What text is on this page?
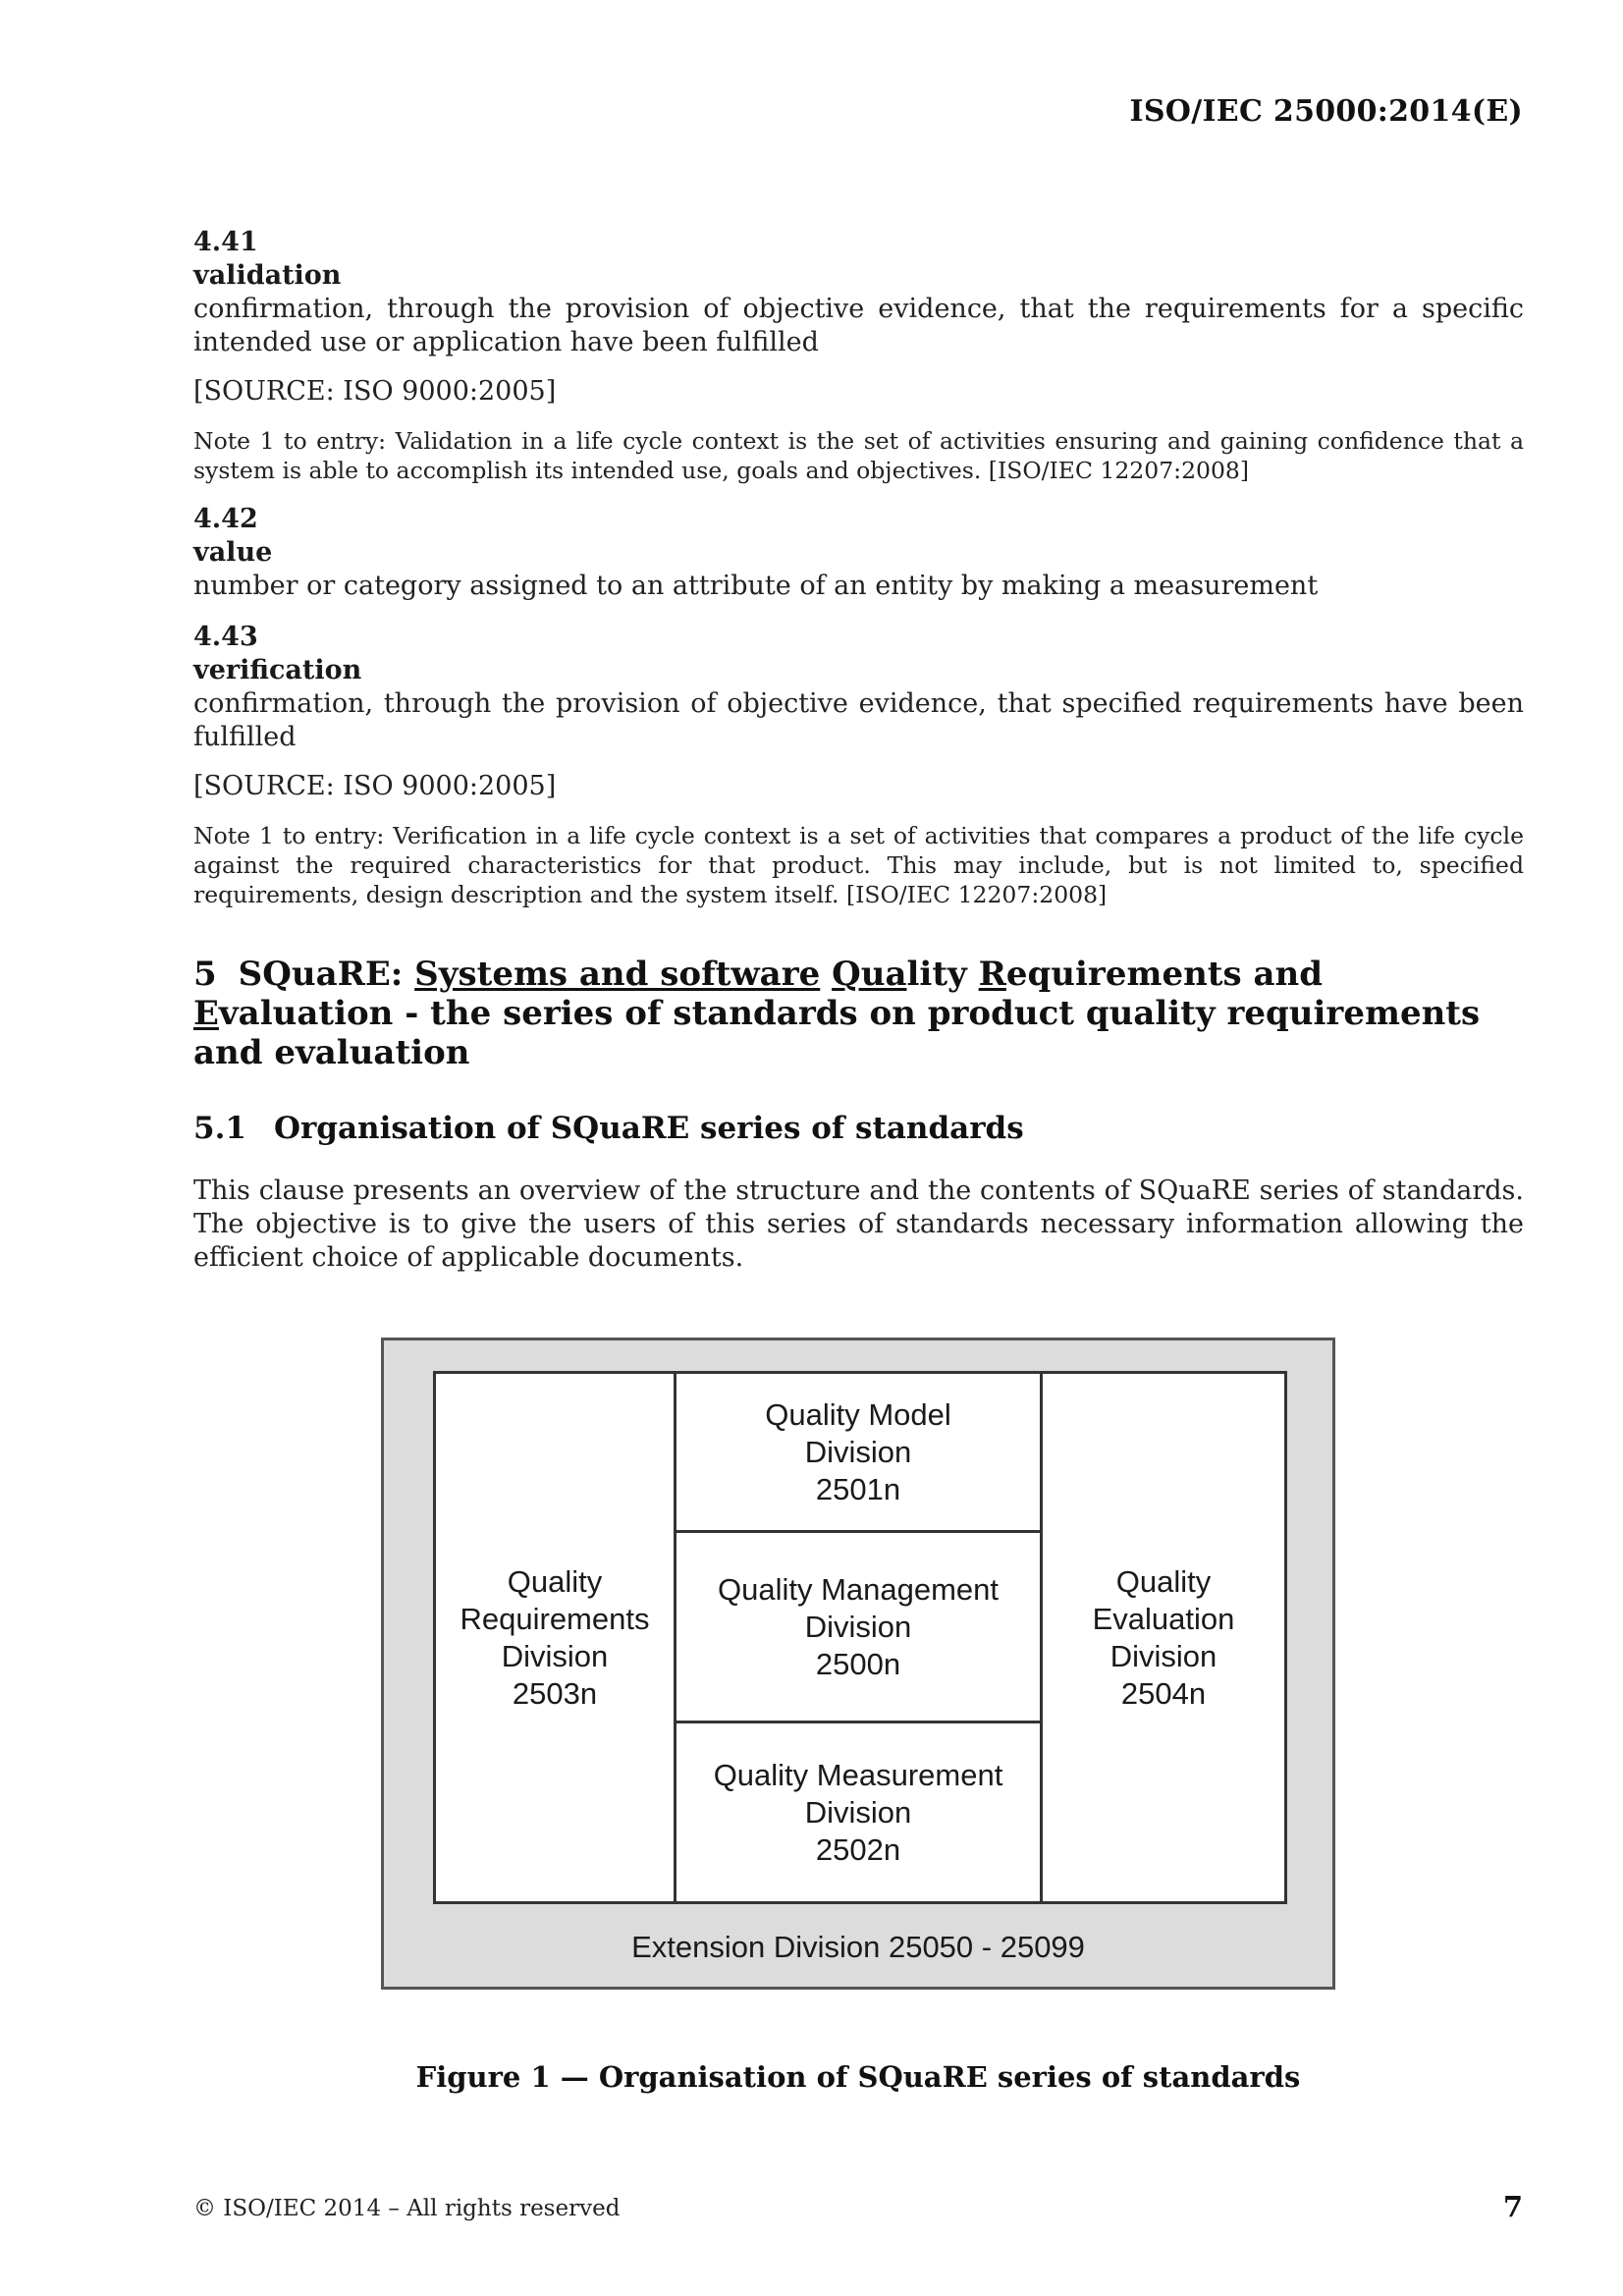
ISO/IEC 25000:2014(E)
4.41
validation
confirmation, through the provision of objective evidence, that the requirements for a specific intended use or application have been fulfilled
[SOURCE: ISO 9000:2005]
Note 1 to entry: Validation in a life cycle context is the set of activities ensuring and gaining confidence that a system is able to accomplish its intended use, goals and objectives. [ISO/IEC 12207:2008]
4.42
value
number or category assigned to an attribute of an entity by making a measurement
4.43
verification
confirmation, through the provision of objective evidence, that specified requirements have been fulfilled
[SOURCE: ISO 9000:2005]
Note 1 to entry: Verification in a life cycle context is a set of activities that compares a product of the life cycle against the required characteristics for that product. This may include, but is not limited to, specified requirements, design description and the system itself. [ISO/IEC 12207:2008]
5 SQuaRE: Systems and software Quality Requirements and Evaluation - the series of standards on product quality requirements and evaluation
5.1 Organisation of SQuaRE series of standards
This clause presents an overview of the structure and the contents of SQuaRE series of standards. The objective is to give the users of this series of standards necessary information allowing the efficient choice of applicable documents.
Quality
Requirements
Division
2503n
Quality Model
Division
2501n
Quality Management
Division
2500n
Quality Measurement
Division
2502n
Quality
Evaluation
Division
2504n
Extension Division 25050 - 25099
Figure 1 — Organisation of SQuaRE series of standards
© ISO/IEC 2014 – All rights reserved	7
